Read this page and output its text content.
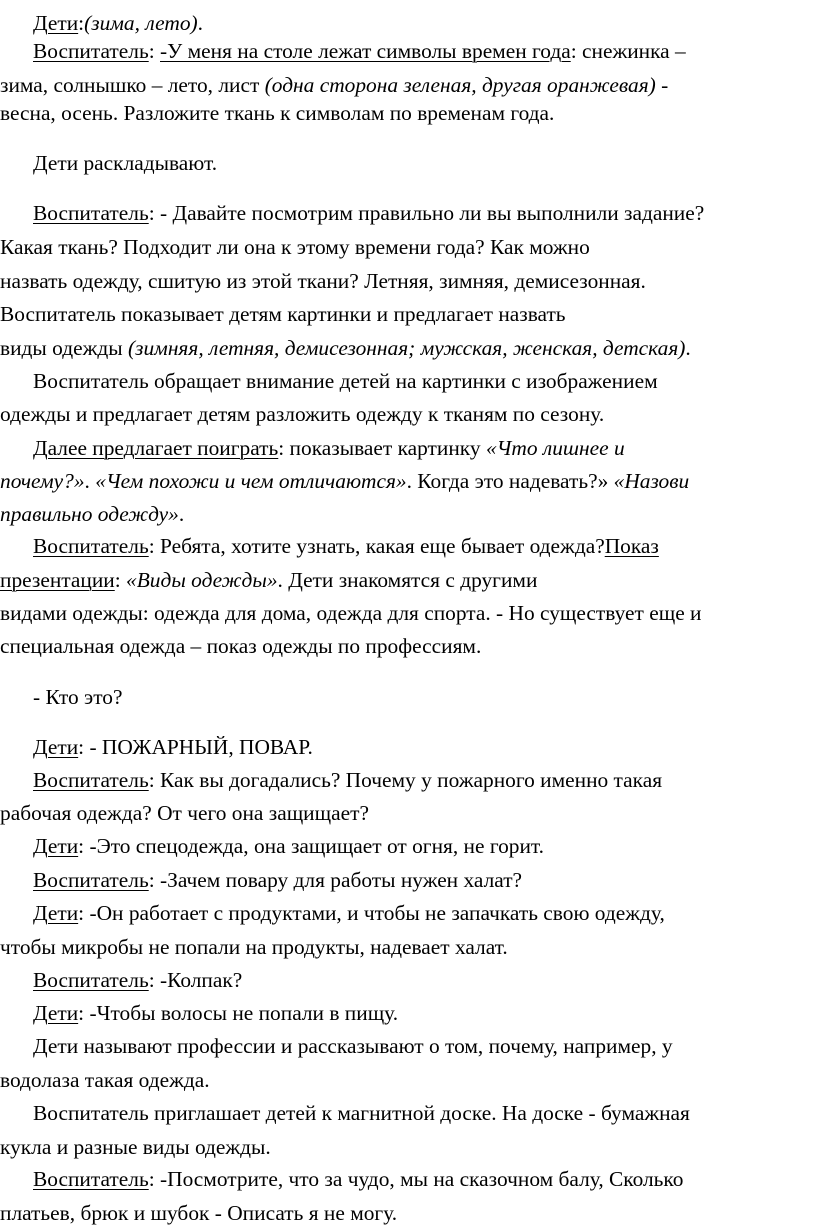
Дети:(зима, лето).
Воспитатель: -У меня на столе лежат символы времен года: снежинка –
зима, солнышко – лето, лист (одна сторона зеленая, другая оранжевая) -
весна, осень. Разложите ткань к символам по временам года.
Дети раскладывают.
Воспитатель: - Давайте посмотрим правильно ли вы выполнили задание?
Какая ткань? Подходит ли она к этому времени года? Как можно
назвать одежду, сшитую из этой ткани? Летняя, зимняя, демисезонная.
Воспитатель показывает детям картинки и предлагает назвать
виды одежды (зимняя, летняя, демисезонная; мужская, женская, детская).
Воспитатель обращает внимание детей на картинки с изображением
одежды и предлагает детям разложить одежду к тканям по сезону.
Далее предлагает поиграть: показывает картинку «Что лишнее и
почему?». «Чем похожи и чем отличаются». Когда это надевать?» «Назови
правильно одежду».
Воспитатель: Ребята, хотите узнать, какая еще бывает одежда?Показ
презентации: «Виды одежды». Дети знакомятся с другими
видами одежды: одежда для дома, одежда для спорта. - Но существует еще и
специальная одежда – показ одежды по профессиям.
- Кто это?
Дети: - ПОЖАРНЫЙ, ПОВАР.
Воспитатель: Как вы догадались? Почему у пожарного именно такая
рабочая одежда? От чего она защищает?
Дети: -Это спецодежда, она защищает от огня, не горит.
Воспитатель: -Зачем повару для работы нужен халат?
Дети: -Он работает с продуктами, и чтобы не запачкать свою одежду,
чтобы микробы не попали на продукты, надевает халат.
Воспитатель: -Колпак?
Дети: -Чтобы волосы не попали в пищу.
Дети называют профессии и рассказывают о том, почему, например, у
водолаза такая одежда.
Воспитатель приглашает детей к магнитной доске. На доске - бумажная
кукла и разные виды одежды.
Воспитатель: -Посмотрите, что за чудо, мы на сказочном балу, Сколько
платьев, брюк и шубок - Описать я не могу.
